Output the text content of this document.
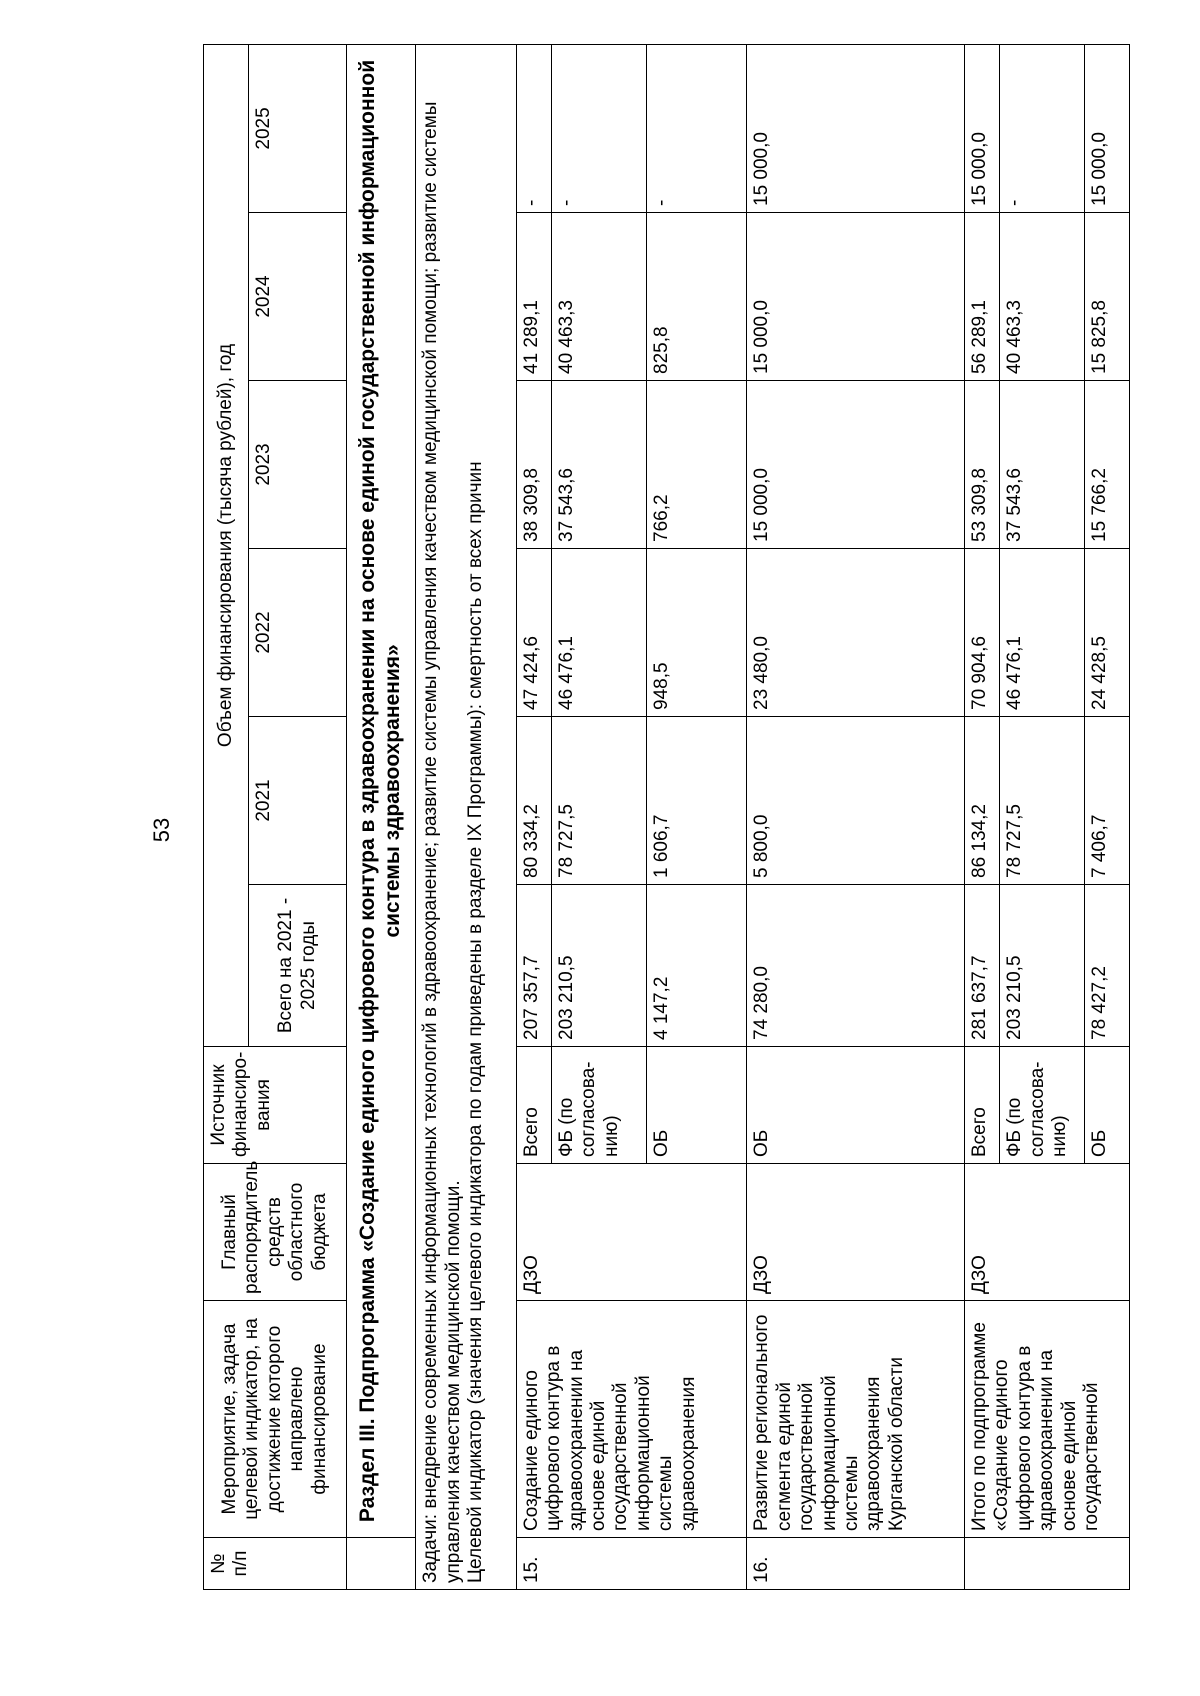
53
№ п/п	Мероприятие, задача целевой индикатор, на достижение которого направлено финансирование	Главный распорядитель средств областного бюджета	Источник финансиро-вания	Объем финансирования (тысяча рублей), год					
				Всего на 2021 - 2025 годы	2021	2022	2023	2024	2025
	Раздел III. Подпрограмма «Создание единого цифрового контура в здравоохранении на основе единой государственной информационной системы здравоохранения»								

Задачи: внедрение современных информационных технологий в здравоохранение; развитие системы управления качеством медицинской помощи; развитие системы управления качеством медицинской помощи. Целевой индикатор (значения целевого индикатора по годам приведены в разделе IX Программы): смертность от всех причин									

15.	Создание единого цифрового контура в здравоохранении на основе единой государственной информационной системы здравоохранения	ДЗО	Всего	207 357,7	80 334,2	47 424,6	38 309,8	41 289,1	-
			ФБ (по согласова-нию)	203 210,5	78 727,5	46 476,1	37 543,6	40 463,3	-
			ОБ	4 147,2	1 606,7	948,5	766,2	825,8	-
16.	Развитие регионального сегмента единой государственной информационной системы здравоохранения Курганской области	ДЗО	ОБ	74 280,0	5 800,0	23 480,0	15 000,0	15 000,0	15 000,0
	Итого по подпрограмме «Создание единого цифрового контура в здравоохранении на основе единой государственной	ДЗО	Всего	281 637,7	86 134,2	70 904,6	53 309,8	56 289,1	15 000,0
			ФБ (по согласова-нию)	203 210,5	78 727,5	46 476,1	37 543,6	40 463,3	-
			ОБ	78 427,2	7 406,7	24 428,5	15 766,2	15 825,8	15 000,0
